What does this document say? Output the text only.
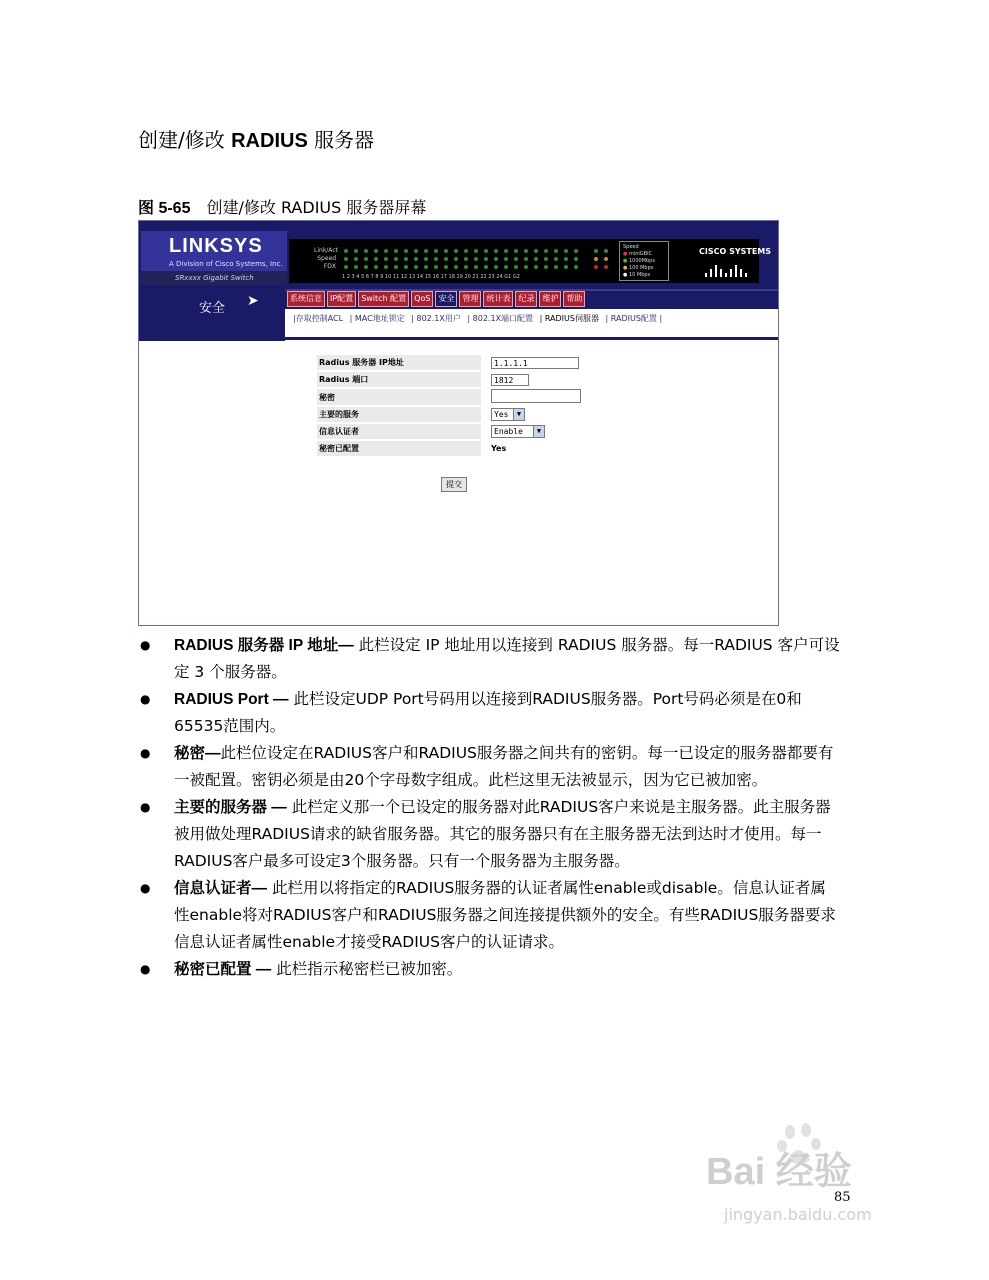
创建/修改 RADIUS 服务器
图 5-65 创建/修改 RADIUS 服务器屏幕
LINKSYS
A Division of Cisco Systems, Inc.
SRxxxx Gigabit Switch
Link/Act
Speed
FDX
1 2 3 4 5 6 7 8 9 10 11 12 13 14 15 16 17 18 19 20 21 22 23 24 G1 G2
Speed
● miniGBIC
● 1000Mbps
● 100 Mbps
● 10 Mbps
CISCO SYSTEMS
安全 ➤	系统信息	IP配置	Switch 配置	QoS	安全	管理	统计表	纪录	维护	帮助
|存取控制ACL | MAC地址锁定 | 802.1X用户 | 802.1X端口配置 | RADIUS伺服器 | RADIUS配置 |
Radius 服务器 IP地址	1.1.1.1
Radius 端口	1812
秘密	
主要的服务	Yes ▼

信息认证者	Enable ▼

秘密已配置	Yes
提交
● RADIUS 服务器 IP 地址— 此栏设定 IP 地址用以连接到 RADIUS 服务器。每一RADIUS 客户可设定 3 个服务器。
● RADIUS Port — 此栏设定UDP Port号码用以连接到RADIUS服务器。Port号码必须是在0和65535范围内。
● 秘密—此栏位设定在RADIUS客户和RADIUS服务器之间共有的密钥。每一已设定的服务器都要有一被配置。密钥必须是由20个字母数字组成。此栏这里无法被显示，因为它已被加密。
● 主要的服务器 — 此栏定义那一个已设定的服务器对此RADIUS客户来说是主服务器。此主服务器被用做处理RADIUS请求的缺省服务器。其它的服务器只有在主服务器无法到达时才使用。每一RADIUS客户最多可设定3个服务器。只有一个服务器为主服务器。
● 信息认证者— 此栏用以将指定的RADIUS服务器的认证者属性enable或disable。信息认证者属性enable将对RADIUS客户和RADIUS服务器之间连接提供额外的安全。有些RADIUS服务器要求信息认证者属性enable才接受RADIUS客户的认证请求。
● 秘密已配置 — 此栏指示秘密栏已被加密。
Bai 经验
jingyan.baidu.com
85
